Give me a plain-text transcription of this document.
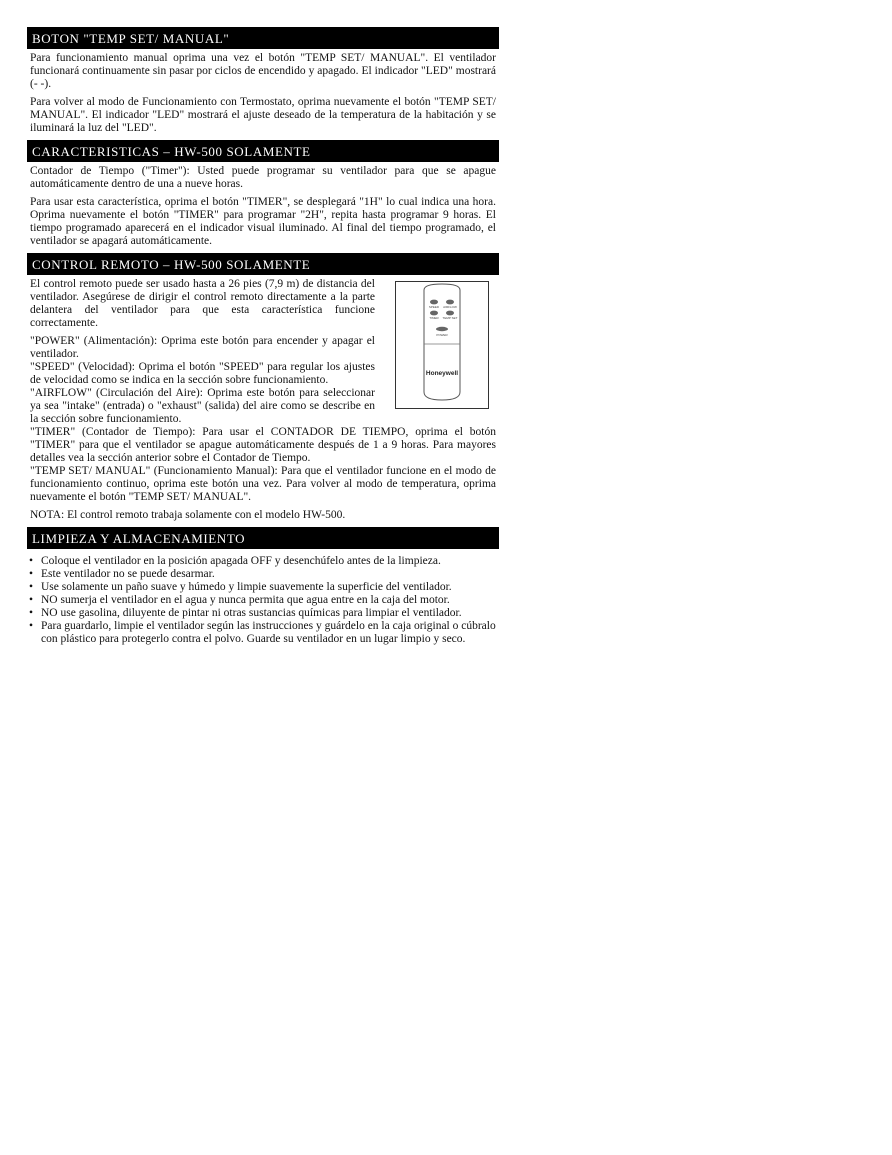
BOTON "TEMP SET/ MANUAL"

Para funcionamiento manual oprima una vez el botón "TEMP SET/ MANUAL". El ventilador funcionará continuamente sin pasar por ciclos de encendido y apagado. El indicador "LED" mostrará (- -).

Para volver al modo de Funcionamiento con Termostato, oprima nuevamente el botón "TEMP SET/ MANUAL". El indicador "LED" mostrará el ajuste deseado de la temperatura de la habitación y se iluminará la luz del "LED".

CARACTERISTICAS – HW-500 SOLAMENTE

Contador de Tiempo ("Timer"): Usted puede programar su ventilador para que se apague automáticamente dentro de una a nueve horas.

Para usar esta característica, oprima el botón "TIMER", se desplegará "1H" lo cual indica una hora. Oprima nuevamente el botón "TIMER" para programar "2H", repita hasta programar 9 horas. El tiempo programado aparecerá en el indicador visual iluminado. Al final del tiempo programado, el ventilador se apagará automáticamente.

CONTROL REMOTO – HW-500 SOLAMENTE
SPEED AIRFLOW
TIMER TEMP SET
POWER
Honeywell

El control remoto puede ser usado hasta a 26 pies (7,9 m) de distancia del ventilador. Asegúrese de dirigir el control remoto directamente a la parte delantera del ventilador para que esta característica funcione correctamente.

"POWER" (Alimentación): Oprima este botón para encender y apagar el ventilador.

"SPEED" (Velocidad): Oprima el botón "SPEED" para regular los ajustes de velocidad como se indica en la sección sobre funcionamiento.

"AIRFLOW" (Circulación del Aire): Oprima este botón para seleccionar ya sea "intake" (entrada) o "exhaust" (salida) del aire como se describe en la sección sobre funcionamiento.

"TIMER" (Contador de Tiempo): Para usar el CONTADOR DE TIEMPO, oprima el botón "TIMER" para que el ventilador se apague automáticamente después de 1 a 9 horas. Para mayores detalles vea la sección anterior sobre el Contador de Tiempo.

"TEMP SET/ MANUAL" (Funcionamiento Manual): Para que el ventilador funcione en el modo de funcionamiento continuo, oprima este botón una vez. Para volver al modo de temperatura, oprima nuevamente el botón "TEMP SET/ MANUAL".

NOTA: El control remoto trabaja solamente con el modelo HW-500.

LIMPIEZA Y ALMACENAMIENTO
• Coloque el ventilador en la posición apagada OFF y desenchúfelo antes de la limpieza.
• Este ventilador no se puede desarmar.
• Use solamente un paño suave y húmedo y limpie suavemente la superficie del ventilador.
• NO sumerja el ventilador en el agua y nunca permita que agua entre en la caja del motor.
• NO use gasolina, diluyente de pintar ni otras sustancias químicas para limpiar el ventilador.
• Para guardarlo, limpie el ventilador según las instrucciones y guárdelo en la caja original o cúbralo con plástico para protegerlo contra el polvo. Guarde su ventilador en un lugar limpio y seco.
